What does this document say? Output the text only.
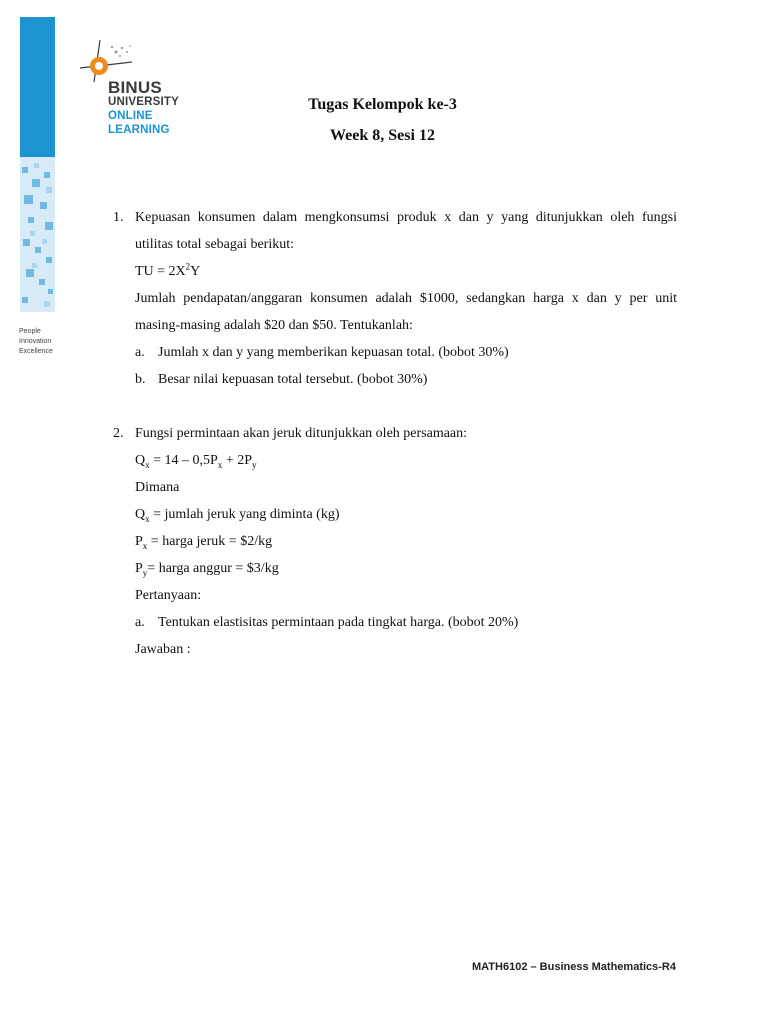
BINUS
UNIVERSITY
ONLINE
LEARNING
People
Innovation
Excellence
Tugas Kelompok ke-3
Week 8, Sesi 12
1. Kepuasan konsumen dalam mengkonsumsi produk x dan y yang ditunjukkan oleh fungsi
utilitas total sebagai berikut:
TU = $2X^2Y$
Jumlah pendapatan/anggaran konsumen adalah $1000, sedangkan harga x dan y per unit
masing-masing adalah $20 dan $50. Tentukanlah:
a. Jumlah x dan y yang memberikan kepuasan total. (bobot 30%)
b. Besar nilai kepuasan total tersebut. (bobot 30%)
2. Fungsi permintaan akan jeruk ditunjukkan oleh persamaan:
$Q_x = 14 - 0,5P_x + 2P_y$
Dimana
$Q_x$ = jumlah jeruk yang diminta (kg)
$P_x$ = harga jeruk = $2/kg
$P_y=$ harga anggur = $3/kg
Pertanyaan:
a. Tentukan elastisitas permintaan pada tingkat harga. (bobot 20%)
Jawaban :
MATH6102 – Business Mathematics-R4
